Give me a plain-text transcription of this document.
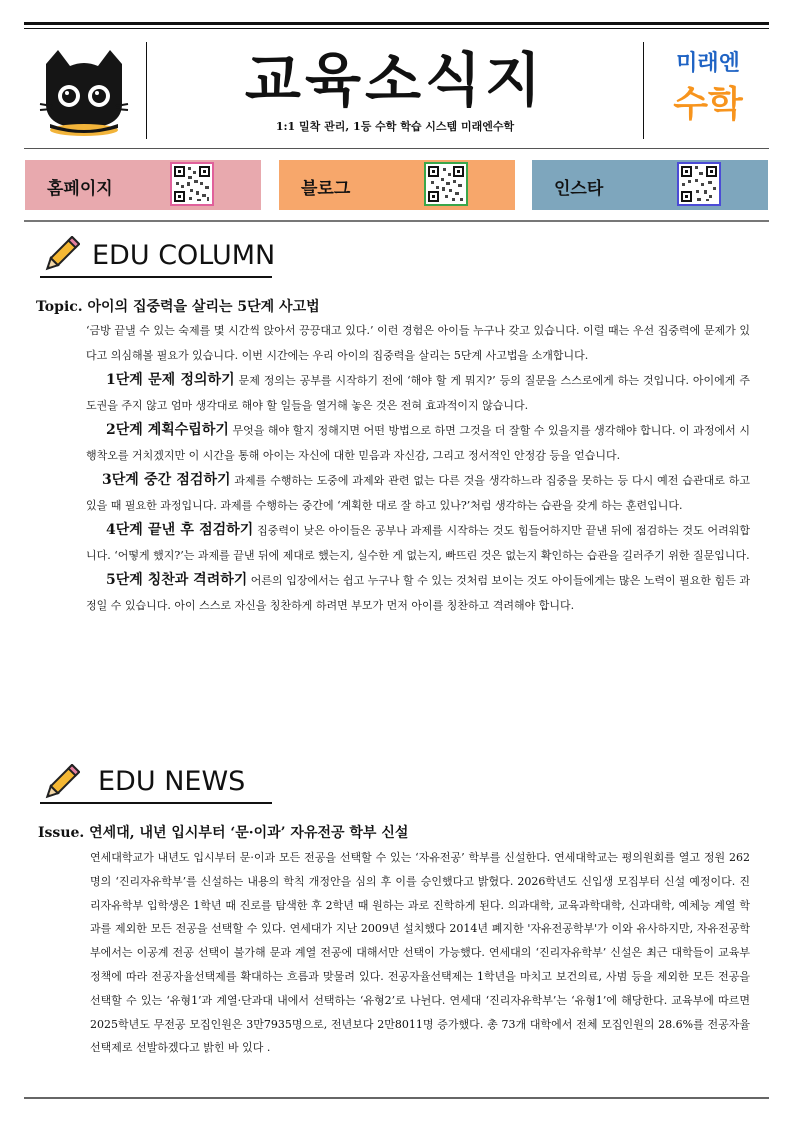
교육소식지
1:1 밀착 관리, 1등 수학 학습 시스템 미래엔수학
미래엔
수학
홈페이지	블로그	인스타
EDU COLUMN
Topic. 아이의 집중력을 살리는 5단계 사고법
‘금방 끝낼 수 있는 숙제를 몇 시간씩 앉아서 끙끙대고 있다.’ 이런 경험은 아이들 누구나 갖고 있습니다. 이럴 때는 우선 집중력에 문제가 있다고 의심해볼 필요가 있습니다. 이번 시간에는 우리 아이의 집중력을 살리는 5단계 사고법을 소개합니다.
1단계 문제 정의하기 문제 정의는 공부를 시작하기 전에 ‘해야 할 게 뭐지?’ 등의 질문을 스스로에게 하는 것입니다. 아이에게 주도권을 주지 않고 엄마 생각대로 해야 할 일들을 열거해 놓은 것은 전혀 효과적이지 않습니다.
2단계 계획수립하기 무엇을 해야 할지 정해지면 어떤 방법으로 하면 그것을 더 잘할 수 있을지를 생각해야 합니다. 이 과정에서 시행착오를 거치겠지만 이 시간을 통해 아이는 자신에 대한 믿음과 자신감, 그리고 정서적인 안정감 등을 얻습니다.
3단계 중간 점검하기 과제를 수행하는 도중에 과제와 관련 없는 다른 것을 생각하느라 집중을 못하는 등 다시 예전 습관대로 하고 있을 때 필요한 과정입니다. 과제를 수행하는 중간에 ‘계획한 대로 잘 하고 있나?’처럼 생각하는 습관을 갖게 하는 훈련입니다.
4단계 끝낸 후 점검하기 집중력이 낮은 아이들은 공부나 과제를 시작하는 것도 힘들어하지만 끝낸 뒤에 점검하는 것도 어려워합니다. ‘어떻게 했지?’는 과제를 끝낸 뒤에 제대로 했는지, 실수한 게 없는지, 빠뜨린 것은 없는지 확인하는 습관을 길러주기 위한 질문입니다.
5단계 칭찬과 격려하기 어른의 입장에서는 쉽고 누구나 할 수 있는 것처럼 보이는 것도 아이들에게는 많은 노력이 필요한 힘든 과정일 수 있습니다. 아이 스스로 자신을 칭찬하게 하려면 부모가 먼저 아이를 칭찬하고 격려해야 합니다.
EDU NEWS
Issue. 연세대, 내년 입시부터 ‘문·이과’ 자유전공 학부 신설
연세대학교가 내년도 입시부터 문·이과 모든 전공을 선택할 수 있는 ‘자유전공’ 학부를 신설한다. 연세대학교는 평의원회를 열고 정원 262명의 ‘진리자유학부’를 신설하는 내용의 학칙 개정안을 심의 후 이를 승인했다고 밝혔다. 2026학년도 신입생 모집부터 신설 예정이다. 진리자유학부 입학생은 1학년 때 진로를 탐색한 후 2학년 때 원하는 과로 진학하게 된다. 의과대학, 교육과학대학, 신과대학, 예체능 계열 학과를 제외한 모든 전공을 선택할 수 있다. 연세대가 지난 2009년 설치했다 2014년 폐지한 '자유전공학부'가 이와 유사하지만, 자유전공학부에서는 이공계 전공 선택이 불가해 문과 계열 전공에 대해서만 선택이 가능했다. 연세대의 ‘진리자유학부’ 신설은 최근 대학들이 교육부 정책에 따라 전공자율선택제를 확대하는 흐름과 맞물려 있다. 전공자율선택제는 1학년을 마치고 보건의료, 사범 등을 제외한 모든 전공을 선택할 수 있는 ‘유형1’과 계열·단과대 내에서 선택하는 ‘유형2’로 나뉜다. 연세대 ‘진리자유학부’는 ‘유형1’에 해당한다. 교육부에 따르면 2025학년도 무전공 모집인원은 3만7935명으로, 전년보다 2만8011명 증가했다. 총 73개 대학에서 전체 모집인원의 28.6%를 전공자율선택제로 선발하겠다고 밝힌 바 있다 .
